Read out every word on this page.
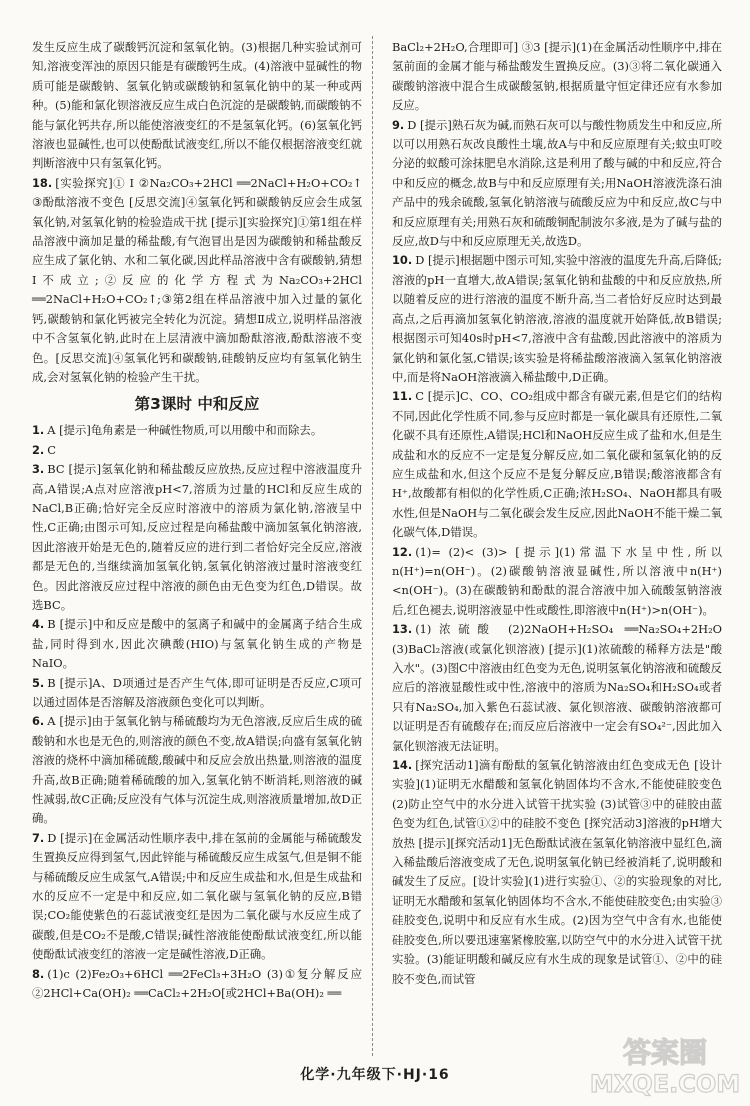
发生反应生成了碳酸钙沉淀和氢氧化钠。(3)根据几种实验试剂可知,溶液变浑浊的原因只能是有碳酸钙生成。(4)溶液中显碱性的物质可能是碳酸钠、氢氧化钠或碳酸钠和氢氧化钠中的某一种或两种。(5)能和氯化钡溶液反应生成白色沉淀的是碳酸钠,而碳酸钠不能与氯化钙共存,所以能使溶液变红的不是氢氧化钙。(6)氢氧化钙溶液也显碱性,也可以使酚酞试液变红,所以不能仅根据溶液变红就判断溶液中只有氢氧化钙。

18. [实验探究]① Ⅰ ②Na₂CO₃+2HCl ══2NaCl+H₂O+CO₂↑ ③酚酞溶液不变色 [反思交流]④氢氧化钙和碳酸钠反应会生成氢氧化钠,对氢氧化钠的检验造成干扰 [提示][实验探究]①第1组在样品溶液中滴加足量的稀盐酸,有气泡冒出是因为碳酸钠和稀盐酸反应生成了氯化钠、水和二氧化碳,因此样品溶液中含有碳酸钠,猜想Ⅰ不成立;②反应的化学方程式为Na₂CO₃+2HCl ══2NaCl+H₂O+CO₂↑;③第2组在样品溶液中加入过量的氯化钙,碳酸钠和氯化钙被完全转化为沉淀。猜想Ⅱ成立,说明样品溶液中不含氢氧化钠,此时在上层清液中滴加酚酞溶液,酚酞溶液不变色。[反思交流]④氢氧化钙和碳酸钠,硅酸钠反应均有氢氧化钠生成,会对氢氧化钠的检验产生干扰。

第3课时 中和反应

1. A [提示]龟角素是一种碱性物质,可以用酸中和而除去。

2. C

3. BC [提示]氢氧化钠和稀盐酸反应放热,反应过程中溶液温度升高,A错误;A点对应溶液pH<7,溶质为过量的HCl和反应生成的NaCl,B正确;恰好完全反应时溶液中的溶质为氯化钠,溶液呈中性,C正确;由图示可知,反应过程是向稀盐酸中滴加氢氧化钠溶液,因此溶液开始是无色的,随着反应的进行到二者恰好完全反应,溶液都是无色的,当继续滴加氢氧化钠,氢氧化钠溶液过量时溶液变红色。因此溶液反应过程中溶液的颜色由无色变为红色,D错误。故选BC。

4. B [提示]中和反应是酸中的氢离子和碱中的金属离子结合生成盐,同时得到水,因此次碘酸(HIO)与氢氧化钠生成的产物是NaIO。

5. B [提示]A、D项通过是否产生气体,即可证明是否反应,C项可以通过固体是否溶解及溶液颜色变化可以判断。

6. A [提示]由于氢氧化钠与稀硫酸均为无色溶液,反应后生成的硫酸钠和水也是无色的,则溶液的颜色不变,故A错误;向盛有氢氧化钠溶液的烧杯中滴加稀硫酸,酸碱中和反应会放出热量,则溶液的温度升高,故B正确;随着稀硫酸的加入,氢氧化钠不断消耗,则溶液的碱性减弱,故C正确;反应没有气体与沉淀生成,则溶液质量增加,故D正确。

7. D [提示]在金属活动性顺序表中,排在氢前的金属能与稀硫酸发生置换反应得到氢气,因此锌能与稀硫酸反应生成氢气,但是铜不能与稀硫酸反应生成氢气,A错误;中和反应生成盐和水,但是生成盐和水的反应不一定是中和反应,如二氧化碳与氢氧化钠的反应,B错误;CO₂能使紫色的石蕊试液变红是因为二氧化碳与水反应生成了碳酸,但是CO₂不是酸,C错误;碱性溶液能使酚酞试液变红,所以能使酚酞试液变红的溶液一定是碱性溶液,D正确。

8. (1)c (2)Fe₂O₃+6HCl ══2FeCl₃+3H₂O (3)①复分解反应 ②2HCl+Ca(OH)₂ ══CaCl₂+2H₂O[或2HCl+Ba(OH)₂ ══

BaCl₂+2H₂O,合理即可] ③3 [提示](1)在金属活动性顺序中,排在氢前面的金属才能与稀盐酸发生置换反应。(3)③将二氧化碳通入碳酸钠溶液中混合生成碳酸氢钠,根据质量守恒定律还应有水参加反应。

9. D [提示]熟石灰为碱,而熟石灰可以与酸性物质发生中和反应,所以可以用熟石灰改良酸性土壤,故A与中和反应原理有关;蚊虫叮咬分泌的蚁酸可涂抹肥皂水消除,这是利用了酸与碱的中和反应,符合中和反应的概念,故B与中和反应原理有关;用NaOH溶液洗涤石油产品中的残余硫酸,氢氧化钠溶液与硫酸反应为中和反应,故C与中和反应原理有关;用熟石灰和硫酸铜配制波尔多液,是为了碱与盐的反应,故D与中和反应原理无关,故选D。

10. D [提示]根据题中图示可知,实验中溶液的温度先升高,后降低;溶液的pH一直增大,故A错误;氢氧化钠和盐酸的中和反应放热,所以随着反应的进行溶液的温度不断升高,当二者恰好反应时达到最高点,之后再滴加氢氧化钠溶液,溶液的温度就开始降低,故B错误;根据图示可知40s时pH<7,溶液中含有盐酸,因此溶液中的溶质为氯化钠和氯化氢,C错误;该实验是将稀盐酸溶液滴入氢氧化钠溶液中,而是将NaOH溶液滴入稀盐酸中,D正确。

11. C [提示]C、CO、CO₂组成中都含有碳元素,但是它们的结构不同,因此化学性质不同,参与反应时都是一氧化碳具有还原性,二氧化碳不具有还原性,A错误;HCl和NaOH反应生成了盐和水,但是生成盐和水的反应不一定是复分解反应,如二氧化碳和氢氧化钠的反应生成盐和水,但这个反应不是复分解反应,B错误;酸溶液都含有H⁺,故酸都有相似的化学性质,C正确;浓H₂SO₄、NaOH都具有吸水性,但是NaOH与二氧化碳会发生反应,因此NaOH不能干燥二氧化碳气体,D错误。

12. (1)= (2)< (3)> [提示](1)常温下水呈中性,所以n(H⁺)=n(OH⁻)。(2)碳酸钠溶液显碱性,所以溶液中n(H⁺)<n(OH⁻)。(3)在碳酸钠和酚酞的混合溶液中加入硫酸氢钠溶液后,红色褪去,说明溶液显中性或酸性,即溶液中n(H⁺)>n(OH⁻)。

13. (1)浓硫酸 (2)2NaOH+H₂SO₄ ══Na₂SO₄+2H₂O (3)BaCl₂溶液(或氯化钡溶液) [提示](1)浓硫酸的稀释方法是"酸入水"。(3)图C中溶液由红色变为无色,说明氢氧化钠溶液和硫酸反应后的溶液显酸性或中性,溶液中的溶质为Na₂SO₄和H₂SO₄或者只有Na₂SO₄,加入紫色石蕊试液、氯化钡溶液、碳酸钠溶液都可以证明是否有硫酸存在;而反应后溶液中一定会有SO₄²⁻,因此加入氯化钡溶液无法证明。

14. [探究活动1]滴有酚酞的氢氧化钠溶液由红色变成无色 [设计实验](1)证明无水醋酸和氢氧化钠固体均不含水,不能使硅胶变色 (2)防止空气中的水分进入试管干扰实验 (3)试管③中的硅胶由蓝色变为红色,试管①②中的硅胶不变色 [探究活动3]溶液的pH增大 放热 [提示][探究活动1]无色酚酞试液在氢氧化钠溶液中显红色,滴入稀盐酸后溶液变成了无色,说明氢氧化钠已经被消耗了,说明酸和碱发生了反应。[设计实验](1)进行实验①、②的实验现象的对比,证明无水醋酸和氢氧化钠固体均不含水,不能使硅胶变色;由实验③硅胶变色,说明中和反应有水生成。(2)因为空气中含有水,也能使硅胶变色,所以要迅速塞紧橡胶塞,以防空气中的水分进入试管干扰实验。(3)能证明酸和碱反应有水生成的现象是试管①、②中的硅胶不变色,而试管

化学·九年级下·HJ·16
答案圈
MXQE.COM
